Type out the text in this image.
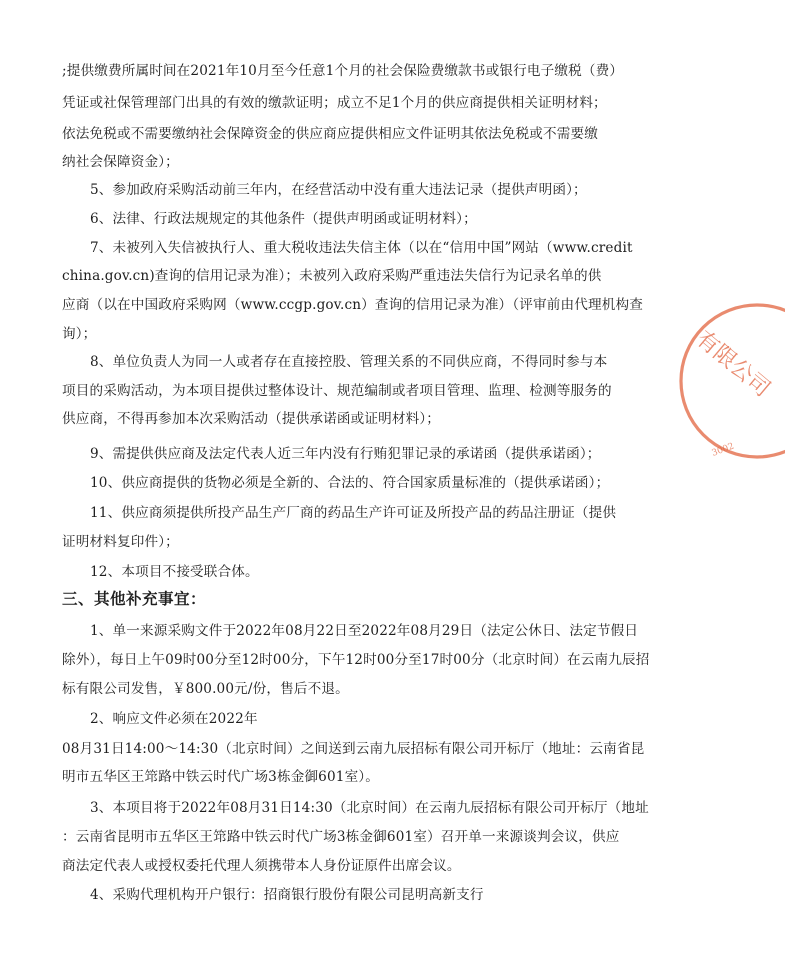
;提供缴费所属时间在2021年10月至今任意1个月的社会保险费缴款书或银行电子缴税（费）
凭证或社保管理部门出具的有效的缴款证明；成立不足1个月的供应商提供相关证明材料；
依法免税或不需要缴纳社会保障资金的供应商应提供相应文件证明其依法免税或不需要缴
纳社会保障资金）；
5、参加政府采购活动前三年内，在经营活动中没有重大违法记录（提供声明函）；
6、法律、行政法规规定的其他条件（提供声明函或证明材料）；
7、未被列入失信被执行人、重大税收违法失信主体（以在“信用中国”网站（www.credit
china.gov.cn)查询的信用记录为准）；未被列入政府采购严重违法失信行为记录名单的供
应商（以在中国政府采购网（www.ccgp.gov.cn）查询的信用记录为准）（评审前由代理机构查
询）；
8、单位负责人为同一人或者存在直接控股、管理关系的不同供应商，不得同时参与本
项目的采购活动，为本项目提供过整体设计、规范编制或者项目管理、监理、检测等服务的
供应商，不得再参加本次采购活动（提供承诺函或证明材料）；
9、需提供供应商及法定代表人近三年内没有行贿犯罪记录的承诺函（提供承诺函）；
10、供应商提供的货物必须是全新的、合法的、符合国家质量标准的（提供承诺函）；
11、供应商须提供所投产品生产厂商的药品生产许可证及所投产品的药品注册证（提供
证明材料复印件）；
12、本项目不接受联合体。
三、其他补充事宜：
1、单一来源采购文件于2022年08月22日至2022年08月29日（法定公休日、法定节假日
除外），每日上午09时00分至12时00分，下午12时00分至17时00分（北京时间）在云南九辰招
标有限公司发售，￥800.00元/份，售后不退。
2、响应文件必须在2022年
08月31日14:00～14:30（北京时间）之间送到云南九辰招标有限公司开标厅（地址：云南省昆
明市五华区王筇路中铁云时代广场3栋金御601室）。
3、本项目将于2022年08月31日14:30（北京时间）在云南九辰招标有限公司开标厅（地址
：云南省昆明市五华区王筇路中铁云时代广场3栋金御601室）召开单一来源谈判会议，供应
商法定代表人或授权委托代理人须携带本人身份证原件出席会议。
4、采购代理机构开户银行：招商银行股份有限公司昆明高新支行
有限公司
3002
